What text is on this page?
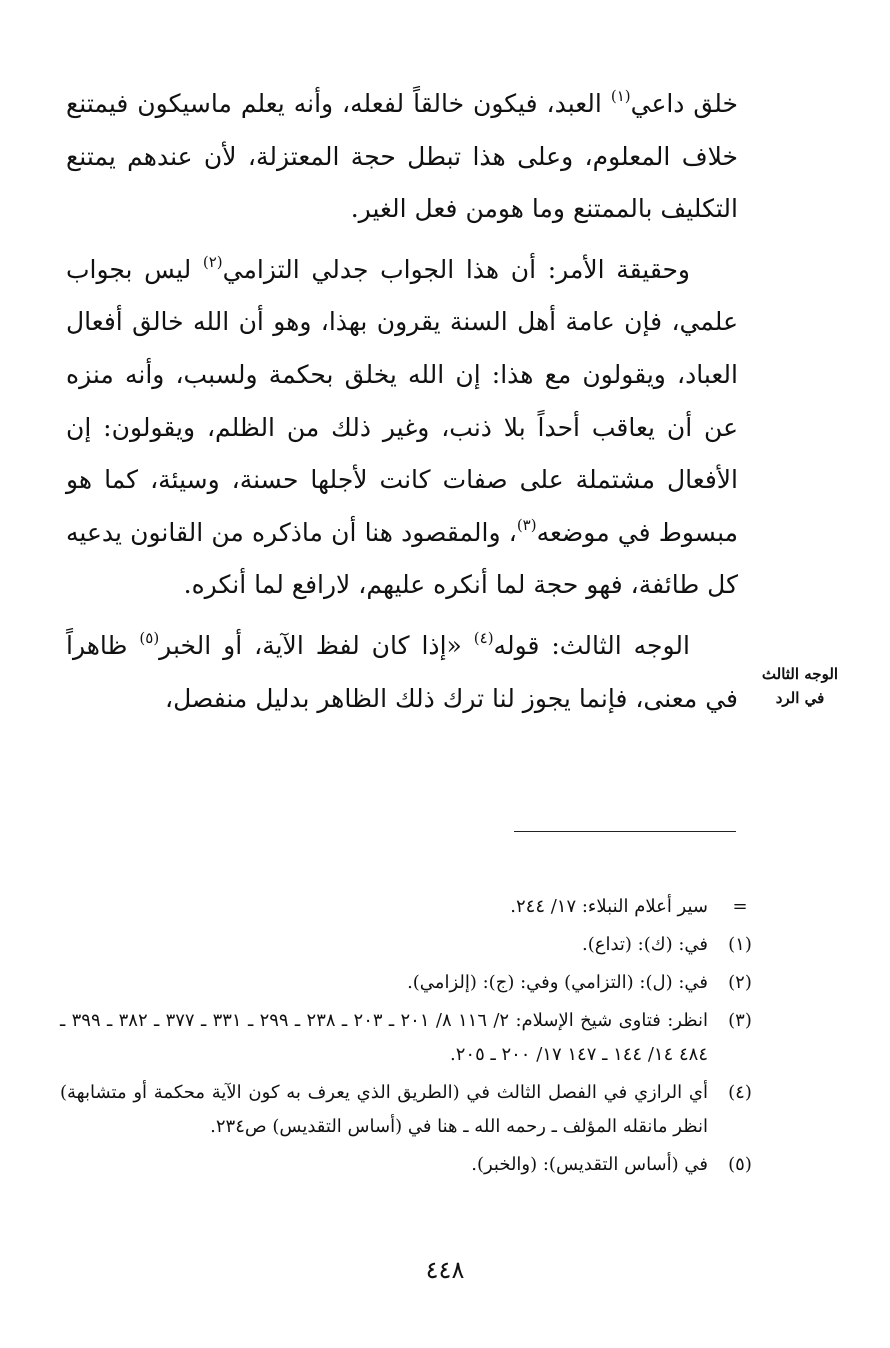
خلق داعي$^{(١)}$ العبد، فيكون خالقاً لفعله، وأنه يعلم ماسيكون فيمتنع خلاف المعلوم، وعلى هذا تبطل حجة المعتزلة، لأن عندهم يمتنع التكليف بالممتنع وما هومن فعل الغير.

وحقيقة الأمر: أن هذا الجواب جدلي التزامي$^{(٢)}$ ليس بجواب علمي، فإن عامة أهل السنة يقرون بهذا، وهو أن الله خالق أفعال العباد، ويقولون مع هذا: إن الله يخلق بحكمة ولسبب، وأنه منزه عن أن يعاقب أحداً بلا ذنب، وغير ذلك من الظلم، ويقولون: إن الأفعال مشتملة على صفات كانت لأجلها حسنة، وسيئة، كما هو مبسوط في موضعه$^{(٣)}$، والمقصود هنا أن ماذكره من القانون يدعيه كل طائفة، فهو حجة لما أنكره عليهم، لارافع لما أنكره.

الوجه الثالث: قوله$^{(٤)}$ «إذا كان لفظ الآية، أو الخبر$^{(٥)}$ ظاهراً في معنى، فإنما يجوز لنا ترك ذلك الظاهر بدليل منفصل،

الوجه الثالث
في الرد
=
سير أعلام النبلاء: ١٧/ ٢٤٤.
(١)
في: (ك): (تداع).
(٢)
في: (ل): (التزامي) وفي: (ج): (إلزامي).
(٣)
انظر: فتاوى شيخ الإسلام: ٢/ ١١٦ ٨/ ٢٠١ ـ ٢٠٣ ـ ٢٣٨ ـ ٢٩٩ ـ ٣٣١ ـ ٣٧٧ ـ ٣٨٢ ـ ٣٩٩ ـ ٤٨٤ ١٤/ ١٤٤ ـ ١٤٧ ١٧/ ٢٠٠ ـ ٢٠٥.
(٤)
أي الرازي في الفصل الثالث في (الطريق الذي يعرف به كون الآية محكمة أو متشابهة) انظر مانقله المؤلف ـ رحمه الله ـ هنا في (أساس التقديس) ص٢٣٤.
(٥)
في (أساس التقديس): (والخبر).
٤٤٨
